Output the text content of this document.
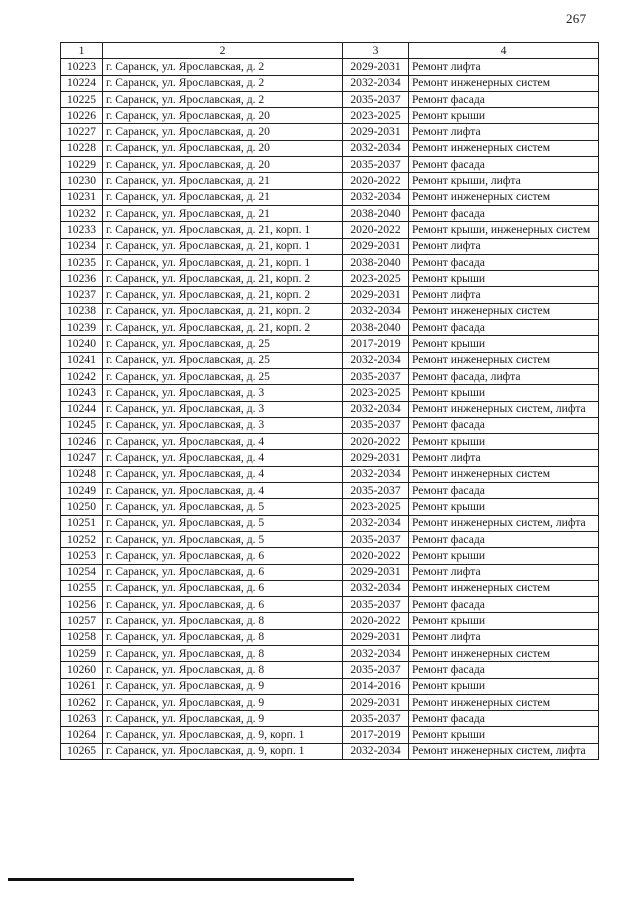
267
1	2	3	4
10223	г. Саранск, ул. Ярославская, д. 2	2029-2031	Ремонт лифта
10224	г. Саранск, ул. Ярославская, д. 2	2032-2034	Ремонт инженерных систем
10225	г. Саранск, ул. Ярославская, д. 2	2035-2037	Ремонт фасада
10226	г. Саранск, ул. Ярославская, д. 20	2023-2025	Ремонт крыши
10227	г. Саранск, ул. Ярославская, д. 20	2029-2031	Ремонт лифта
10228	г. Саранск, ул. Ярославская, д. 20	2032-2034	Ремонт инженерных систем
10229	г. Саранск, ул. Ярославская, д. 20	2035-2037	Ремонт фасада
10230	г. Саранск, ул. Ярославская, д. 21	2020-2022	Ремонт крыши, лифта
10231	г. Саранск, ул. Ярославская, д. 21	2032-2034	Ремонт инженерных систем
10232	г. Саранск, ул. Ярославская, д. 21	2038-2040	Ремонт фасада
10233	г. Саранск, ул. Ярославская, д. 21, корп. 1	2020-2022	Ремонт крыши, инженерных систем
10234	г. Саранск, ул. Ярославская, д. 21, корп. 1	2029-2031	Ремонт лифта
10235	г. Саранск, ул. Ярославская, д. 21, корп. 1	2038-2040	Ремонт фасада
10236	г. Саранск, ул. Ярославская, д. 21, корп. 2	2023-2025	Ремонт крыши
10237	г. Саранск, ул. Ярославская, д. 21, корп. 2	2029-2031	Ремонт лифта
10238	г. Саранск, ул. Ярославская, д. 21, корп. 2	2032-2034	Ремонт инженерных систем
10239	г. Саранск, ул. Ярославская, д. 21, корп. 2	2038-2040	Ремонт фасада
10240	г. Саранск, ул. Ярославская, д. 25	2017-2019	Ремонт крыши
10241	г. Саранск, ул. Ярославская, д. 25	2032-2034	Ремонт инженерных систем
10242	г. Саранск, ул. Ярославская, д. 25	2035-2037	Ремонт фасада, лифта
10243	г. Саранск, ул. Ярославская, д. 3	2023-2025	Ремонт крыши
10244	г. Саранск, ул. Ярославская, д. 3	2032-2034	Ремонт инженерных систем, лифта
10245	г. Саранск, ул. Ярославская, д. 3	2035-2037	Ремонт фасада
10246	г. Саранск, ул. Ярославская, д. 4	2020-2022	Ремонт крыши
10247	г. Саранск, ул. Ярославская, д. 4	2029-2031	Ремонт лифта
10248	г. Саранск, ул. Ярославская, д. 4	2032-2034	Ремонт инженерных систем
10249	г. Саранск, ул. Ярославская, д. 4	2035-2037	Ремонт фасада
10250	г. Саранск, ул. Ярославская, д. 5	2023-2025	Ремонт крыши
10251	г. Саранск, ул. Ярославская, д. 5	2032-2034	Ремонт инженерных систем, лифта
10252	г. Саранск, ул. Ярославская, д. 5	2035-2037	Ремонт фасада
10253	г. Саранск, ул. Ярославская, д. 6	2020-2022	Ремонт крыши
10254	г. Саранск, ул. Ярославская, д. 6	2029-2031	Ремонт лифта
10255	г. Саранск, ул. Ярославская, д. 6	2032-2034	Ремонт инженерных систем
10256	г. Саранск, ул. Ярославская, д. 6	2035-2037	Ремонт фасада
10257	г. Саранск, ул. Ярославская, д. 8	2020-2022	Ремонт крыши
10258	г. Саранск, ул. Ярославская, д. 8	2029-2031	Ремонт лифта
10259	г. Саранск, ул. Ярославская, д. 8	2032-2034	Ремонт инженерных систем
10260	г. Саранск, ул. Ярославская, д. 8	2035-2037	Ремонт фасада
10261	г. Саранск, ул. Ярославская, д. 9	2014-2016	Ремонт крыши
10262	г. Саранск, ул. Ярославская, д. 9	2029-2031	Ремонт инженерных систем
10263	г. Саранск, ул. Ярославская, д. 9	2035-2037	Ремонт фасада
10264	г. Саранск, ул. Ярославская, д. 9, корп. 1	2017-2019	Ремонт крыши
10265	г. Саранск, ул. Ярославская, д. 9, корп. 1	2032-2034	Ремонт инженерных систем, лифта
